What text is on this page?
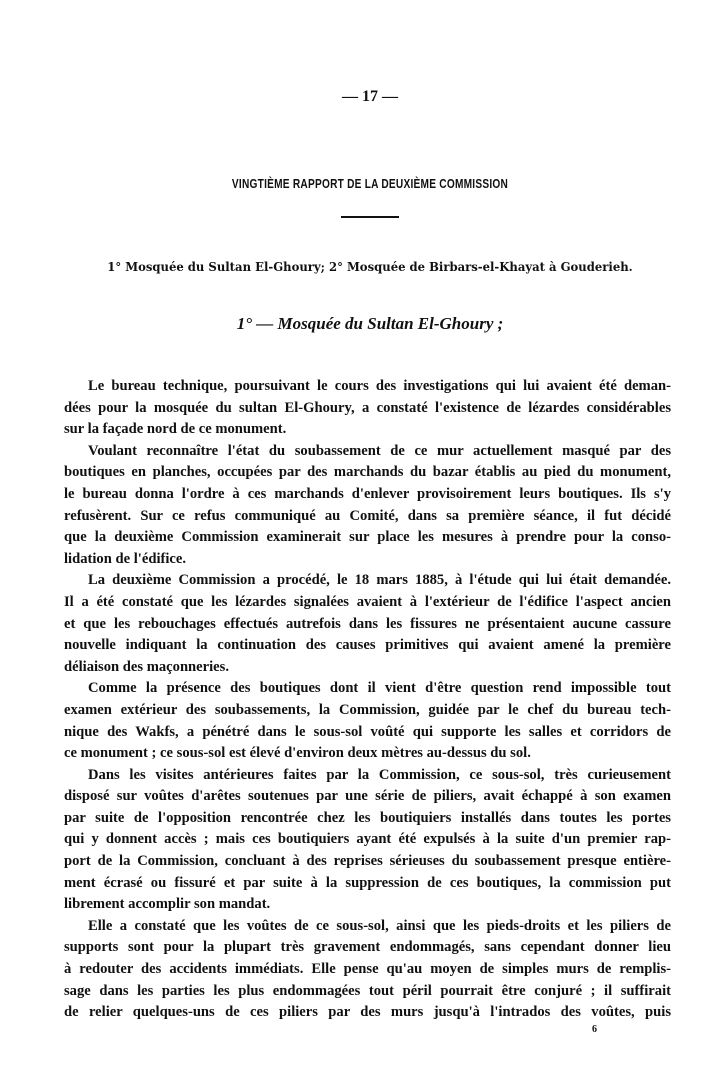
— 17 —
VINGTIÈME RAPPORT DE LA DEUXIÈME COMMISSION
1° Mosquée du Sultan El-Ghoury; 2° Mosquée de Birbars-el-Khayat à Gouderieh.
1° — Mosquée du Sultan El-Ghoury ;
Le bureau technique, poursuivant le cours des investigations qui lui avaient été deman-
dées pour la mosquée du sultan El-Ghoury, a constaté l'existence de lézardes considérables
sur la façade nord de ce monument.
Voulant reconnaître l'état du soubassement de ce mur actuellement masqué par des
boutiques en planches, occupées par des marchands du bazar établis au pied du monument,
le bureau donna l'ordre à ces marchands d'enlever provisoirement leurs boutiques. Ils s'y
refusèrent. Sur ce refus communiqué au Comité, dans sa première séance, il fut décidé
que la deuxième Commission examinerait sur place les mesures à prendre pour la conso-
lidation de l'édifice.
La deuxième Commission a procédé, le 18 mars 1885, à l'étude qui lui était demandée.
Il a été constaté que les lézardes signalées avaient à l'extérieur de l'édifice l'aspect ancien
et que les rebouchages effectués autrefois dans les fissures ne présentaient aucune cassure
nouvelle indiquant la continuation des causes primitives qui avaient amené la première
déliaison des maçonneries.
Comme la présence des boutiques dont il vient d'être question rend impossible tout
examen extérieur des soubassements, la Commission, guidée par le chef du bureau tech-
nique des Wakfs, a pénétré dans le sous-sol voûté qui supporte les salles et corridors de
ce monument ; ce sous-sol est élevé d'environ deux mètres au-dessus du sol.
Dans les visites antérieures faites par la Commission, ce sous-sol, très curieusement
disposé sur voûtes d'arêtes soutenues par une série de piliers, avait échappé à son examen
par suite de l'opposition rencontrée chez les boutiquiers installés dans toutes les portes
qui y donnent accès ; mais ces boutiquiers ayant été expulsés à la suite d'un premier rap-
port de la Commission, concluant à des reprises sérieuses du soubassement presque entière-
ment écrasé ou fissuré et par suite à la suppression de ces boutiques, la commission put
librement accomplir son mandat.
Elle a constaté que les voûtes de ce sous-sol, ainsi que les pieds-droits et les piliers de
supports sont pour la plupart très gravement endommagés, sans cependant donner lieu
à redouter des accidents immédiats. Elle pense qu'au moyen de simples murs de remplis-
sage dans les parties les plus endommagées tout péril pourrait être conjuré ; il suffirait
de relier quelques-uns de ces piliers par des murs jusqu'à l'intrados des voûtes, puis
6
